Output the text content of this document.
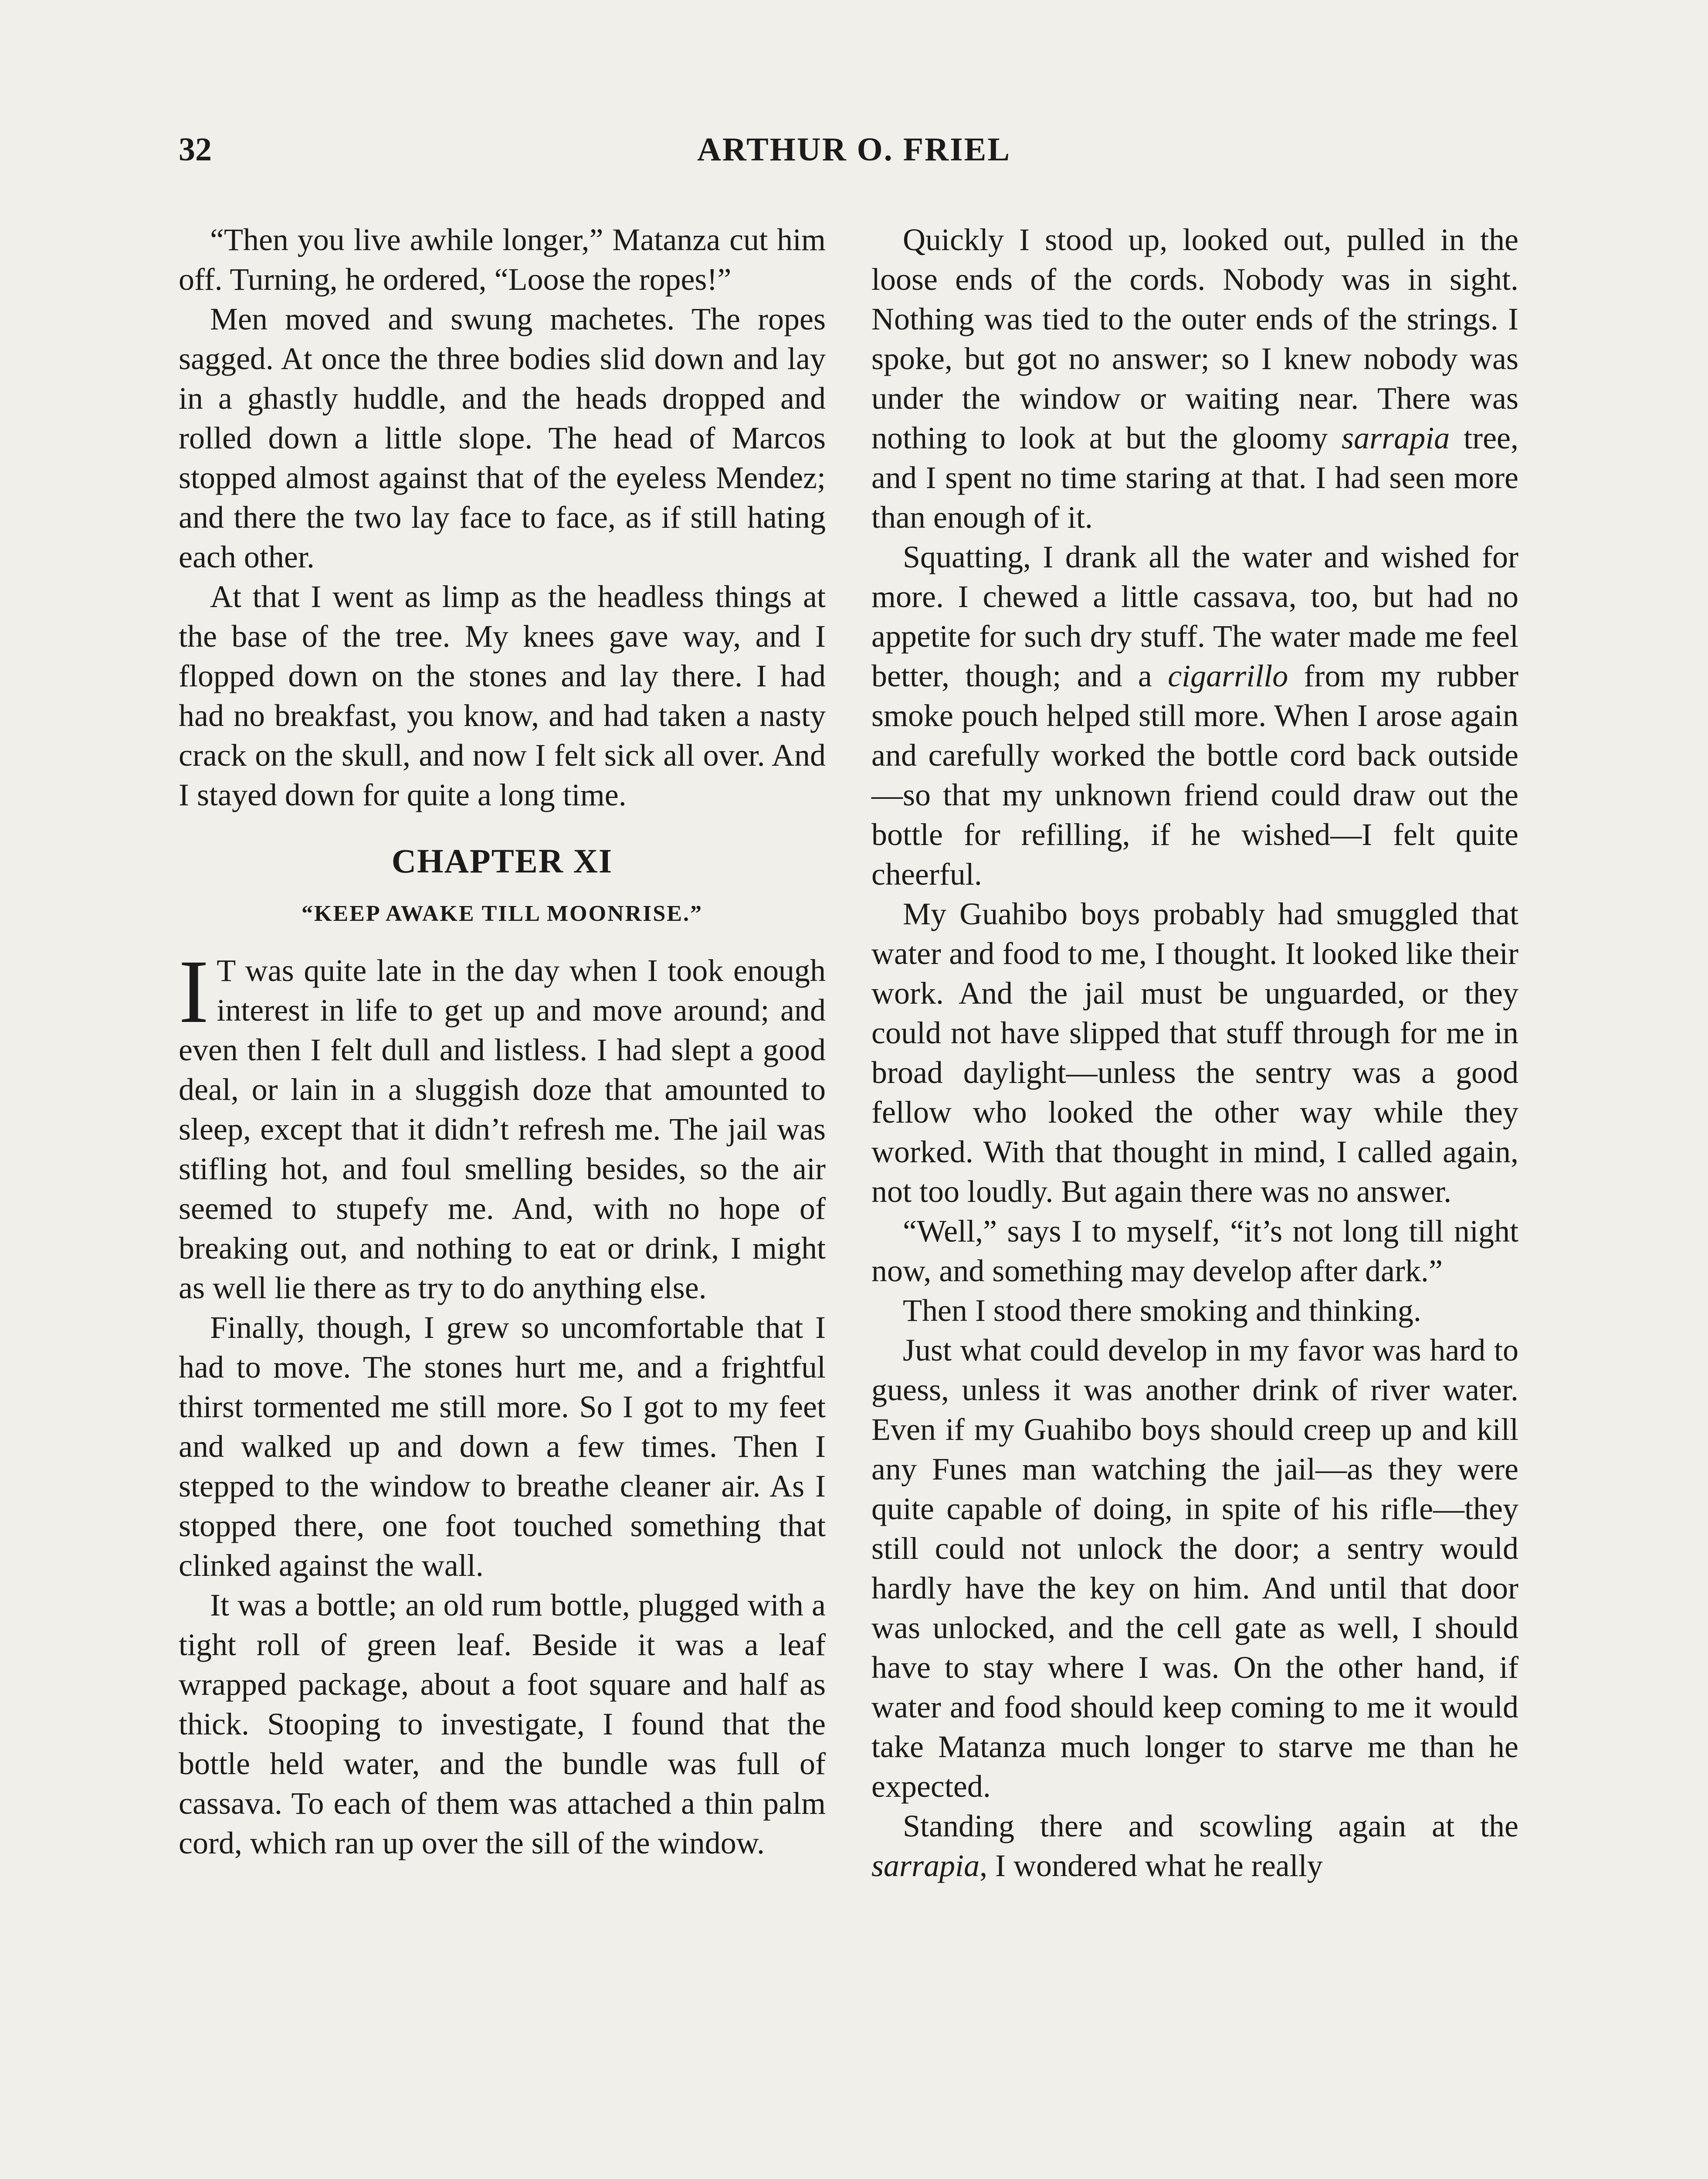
32	ARTHUR O. FRIEL

“Then you live awhile longer,” Matanza cut him off. Turning, he ordered, “Loose the ropes!”

Men moved and swung machetes. The ropes sagged. At once the three bodies slid down and lay in a ghastly huddle, and the heads dropped and rolled down a little slope. The head of Marcos stopped almost against that of the eyeless Mendez; and there the two lay face to face, as if still hating each other.

At that I went as limp as the headless things at the base of the tree. My knees gave way, and I flopped down on the stones and lay there. I had had no breakfast, you know, and had taken a nasty crack on the skull, and now I felt sick all over. And I stayed down for quite a long time.

CHAPTER XI
“KEEP AWAKE TILL MOONRISE.”

I T was quite late in the day when I took enough interest in life to get up and move around; and even then I felt dull and listless. I had slept a good deal, or lain in a sluggish doze that amounted to sleep, except that it didn’t refresh me. The jail was stifling hot, and foul smelling besides, so the air seemed to stupefy me. And, with no hope of breaking out, and nothing to eat or drink, I might as well lie there as try to do anything else.

Finally, though, I grew so uncomfortable that I had to move. The stones hurt me, and a frightful thirst tormented me still more. So I got to my feet and walked up and down a few times. Then I stepped to the window to breathe cleaner air. As I stopped there, one foot touched something that clinked against the wall.

It was a bottle; an old rum bottle, plugged with a tight roll of green leaf. Beside it was a leaf wrapped package, about a foot square and half as thick. Stooping to investigate, I found that the bottle held water, and the bundle was full of cassava. To each of them was attached a thin palm cord, which ran up over the sill of the window.

Quickly I stood up, looked out, pulled in the loose ends of the cords. Nobody was in sight. Nothing was tied to the outer ends of the strings. I spoke, but got no answer; so I knew nobody was under the window or waiting near. There was nothing to look at but the gloomy sarrapia tree, and I spent no time staring at that. I had seen more than enough of it.

Squatting, I drank all the water and wished for more. I chewed a little cassava, too, but had no appetite for such dry stuff. The water made me feel better, though; and a cigarrillo from my rubber smoke pouch helped still more. When I arose again and carefully worked the bottle cord back outside—so that my unknown friend could draw out the bottle for refilling, if he wished—I felt quite cheerful.

My Guahibo boys probably had smuggled that water and food to me, I thought. It looked like their work. And the jail must be unguarded, or they could not have slipped that stuff through for me in broad daylight—unless the sentry was a good fellow who looked the other way while they worked. With that thought in mind, I called again, not too loudly. But again there was no answer.

“Well,” says I to myself, “it’s not long till night now, and something may develop after dark.”

Then I stood there smoking and thinking.

Just what could develop in my favor was hard to guess, unless it was another drink of river water. Even if my Guahibo boys should creep up and kill any Funes man watching the jail—as they were quite capable of doing, in spite of his rifle—they still could not unlock the door; a sentry would hardly have the key on him. And until that door was unlocked, and the cell gate as well, I should have to stay where I was. On the other hand, if water and food should keep coming to me it would take Matanza much longer to starve me than he expected.

Standing there and scowling again at the sarrapia, I wondered what he really
